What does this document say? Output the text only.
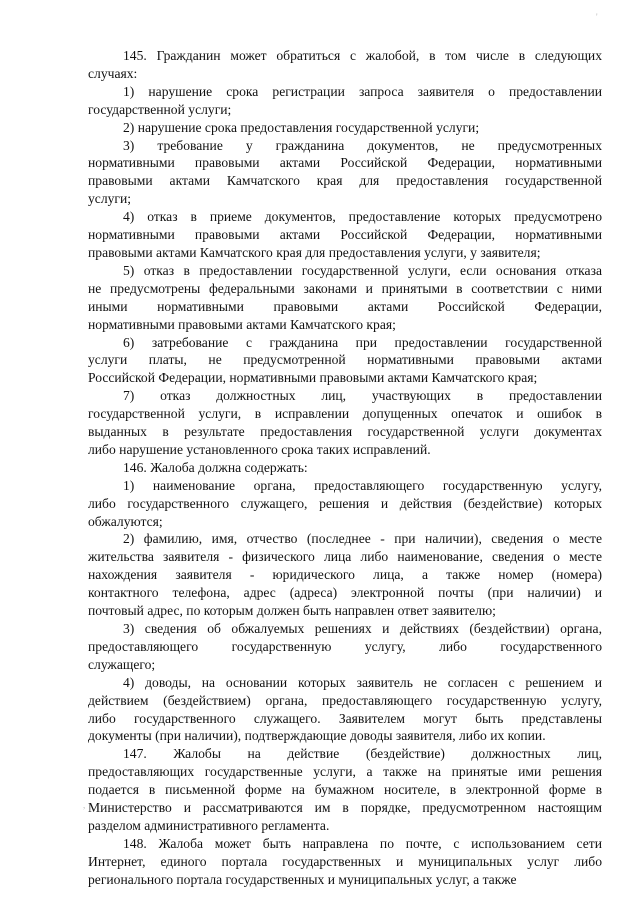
'
,

145. Гражданин может обратиться с жалобой, в том числе в следующих
случаях:

1) нарушение срока регистрации запроса заявителя о предоставлении
государственной услуги;

2) нарушение срока предоставления государственной услуги;

3) требование у гражданина документов, не предусмотренных
нормативными правовыми актами Российской Федерации, нормативными
правовыми актами Камчатского края для предоставления государственной
услуги;

4) отказ в приеме документов, предоставление которых предусмотрено
нормативными правовыми актами Российской Федерации, нормативными
правовыми актами Камчатского края для предоставления услуги, у заявителя;

5) отказ в предоставлении государственной услуги, если основания отказа
не предусмотрены федеральными законами и принятыми в соответствии с ними
иными нормативными правовыми актами Российской Федерации,
нормативными правовыми актами Камчатского края;

6) затребование с гражданина при предоставлении государственной
услуги платы, не предусмотренной нормативными правовыми актами
Российской Федерации, нормативными правовыми актами Камчатского края;

7) отказ должностных лиц, участвующих в предоставлении
государственной услуги, в исправлении допущенных опечаток и ошибок в
выданных в результате предоставления государственной услуги документах
либо нарушение установленного срока таких исправлений.

146. Жалоба должна содержать:

1) наименование органа, предоставляющего государственную услугу,
либо государственного служащего, решения и действия (бездействие) которых
обжалуются;

2) фамилию, имя, отчество (последнее - при наличии), сведения о месте
жительства заявителя - физического лица либо наименование, сведения о месте
нахождения заявителя - юридического лица, а также номер (номера)
контактного телефона, адрес (адреса) электронной почты (при наличии) и
почтовый адрес, по которым должен быть направлен ответ заявителю;

3) сведения об обжалуемых решениях и действиях (бездействии) органа,
предоставляющего государственную услугу, либо государственного
служащего;

4) доводы, на основании которых заявитель не согласен с решением и
действием (бездействием) органа, предоставляющего государственную услугу,
либо государственного служащего. Заявителем могут быть представлены
документы (при наличии), подтверждающие доводы заявителя, либо их копии.

147. Жалобы на действие (бездействие) должностных лиц,
предоставляющих государственные услуги, а также на принятые ими решения
подается в письменной форме на бумажном носителе, в электронной форме в
Министерство и рассматриваются им в порядке, предусмотренном настоящим
разделом административного регламента.

148. Жалоба может быть направлена по почте, с использованием сети
Интернет, единого портала государственных и муниципальных услуг либо
регионального портала государственных и муниципальных услуг, а также
